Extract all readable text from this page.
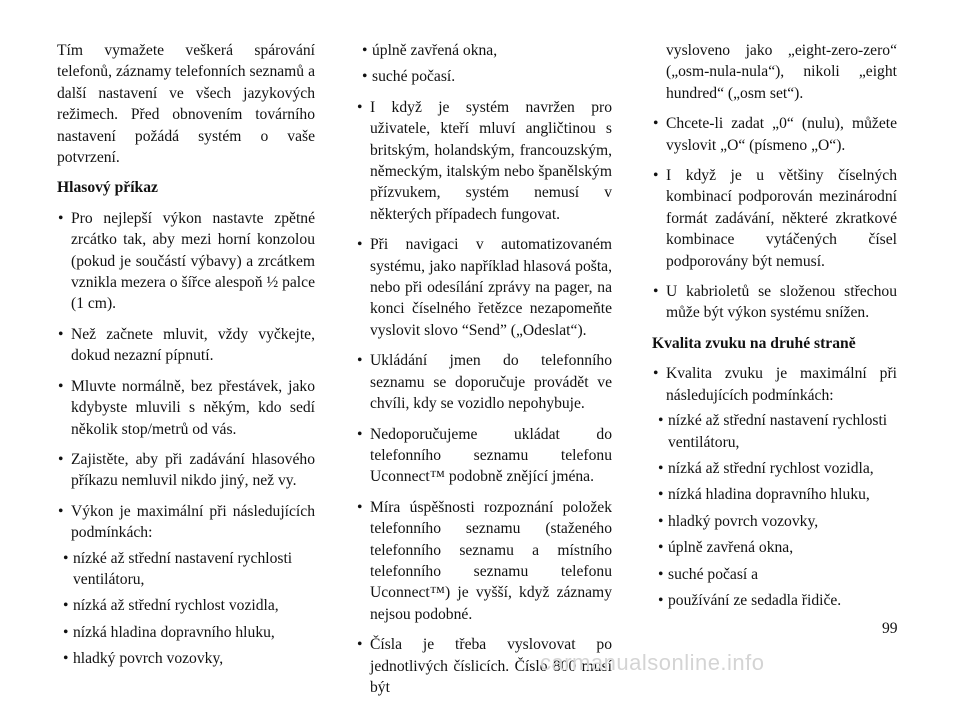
Tím vymažete veškerá spárování telefonů, záznamy telefonních seznamů a další nastavení ve všech jazykových režimech. Před obnovením továrního nastavení požádá systém o vaše potvrzení.

Hlasový příkaz
• Pro nejlepší výkon nastavte zpětné zrcátko tak, aby mezi horní konzolou (pokud je součástí výbavy) a zrcátkem vznikla mezera o šířce alespoň ½ palce (1 cm).
• Než začnete mluvit, vždy vyčkejte, dokud nezazní pípnutí.
• Mluvte normálně, bez přestávek, jako kdybyste mluvili s někým, kdo sedí několik stop/metrů od vás.
• Zajistěte, aby při zadávání hlasového příkazu nemluvil nikdo jiný, než vy.
• Výkon je maximální při následujících podmínkách:
• nízké až střední nastavení rychlosti ventilátoru,
• nízká až střední rychlost vozidla,
• nízká hladina dopravního hluku,
• hladký povrch vozovky,
• úplně zavřená okna,
• suché počasí.
• I když je systém navržen pro uživatele, kteří mluví angličtinou s britským, holandským, francouzským, německým, italským nebo španělským přízvukem, systém nemusí v některých případech fungovat.
• Při navigaci v automatizovaném systému, jako například hlasová pošta, nebo při odesílání zprávy na pager, na konci číselného řetězce nezapomeňte vyslovit slovo “Send” („Odeslat“).
• Ukládání jmen do telefonního seznamu se doporučuje provádět ve chvíli, kdy se vozidlo nepohybuje.
• Nedoporučujeme ukládat do telefonního seznamu telefonu Uconnect™ podobně znějící jména.
• Míra úspěšnosti rozpoznání položek telefonního seznamu (staženého telefonního seznamu a místního telefonního seznamu telefonu Uconnect™) je vyšší, když záznamy nejsou podobné.
• Čísla je třeba vyslovovat po jednotlivých číslicích. Číslo 800 musí být
vysloveno jako „eight-zero-zero“ („osm-nula-nula“), nikoli „eight hundred“ („osm set“).
• Chcete-li zadat „0“ (nulu), můžete vyslovit „O“ (písmeno „O“).
• I když je u většiny číselných kombinací podporován mezinárodní formát zadávání, některé zkratkové kombinace vytáčených čísel podporovány být nemusí.
• U kabrioletů se složenou střechou může být výkon systému snížen.
Kvalita zvuku na druhé straně
• Kvalita zvuku je maximální při následujících podmínkách:
• nízké až střední nastavení rychlosti ventilátoru,
• nízká až střední rychlost vozidla,
• nízká hladina dopravního hluku,
• hladký povrch vozovky,
• úplně zavřená okna,
• suché počasí a
• používání ze sedadla řidiče.
99
carmanualsonline.info
